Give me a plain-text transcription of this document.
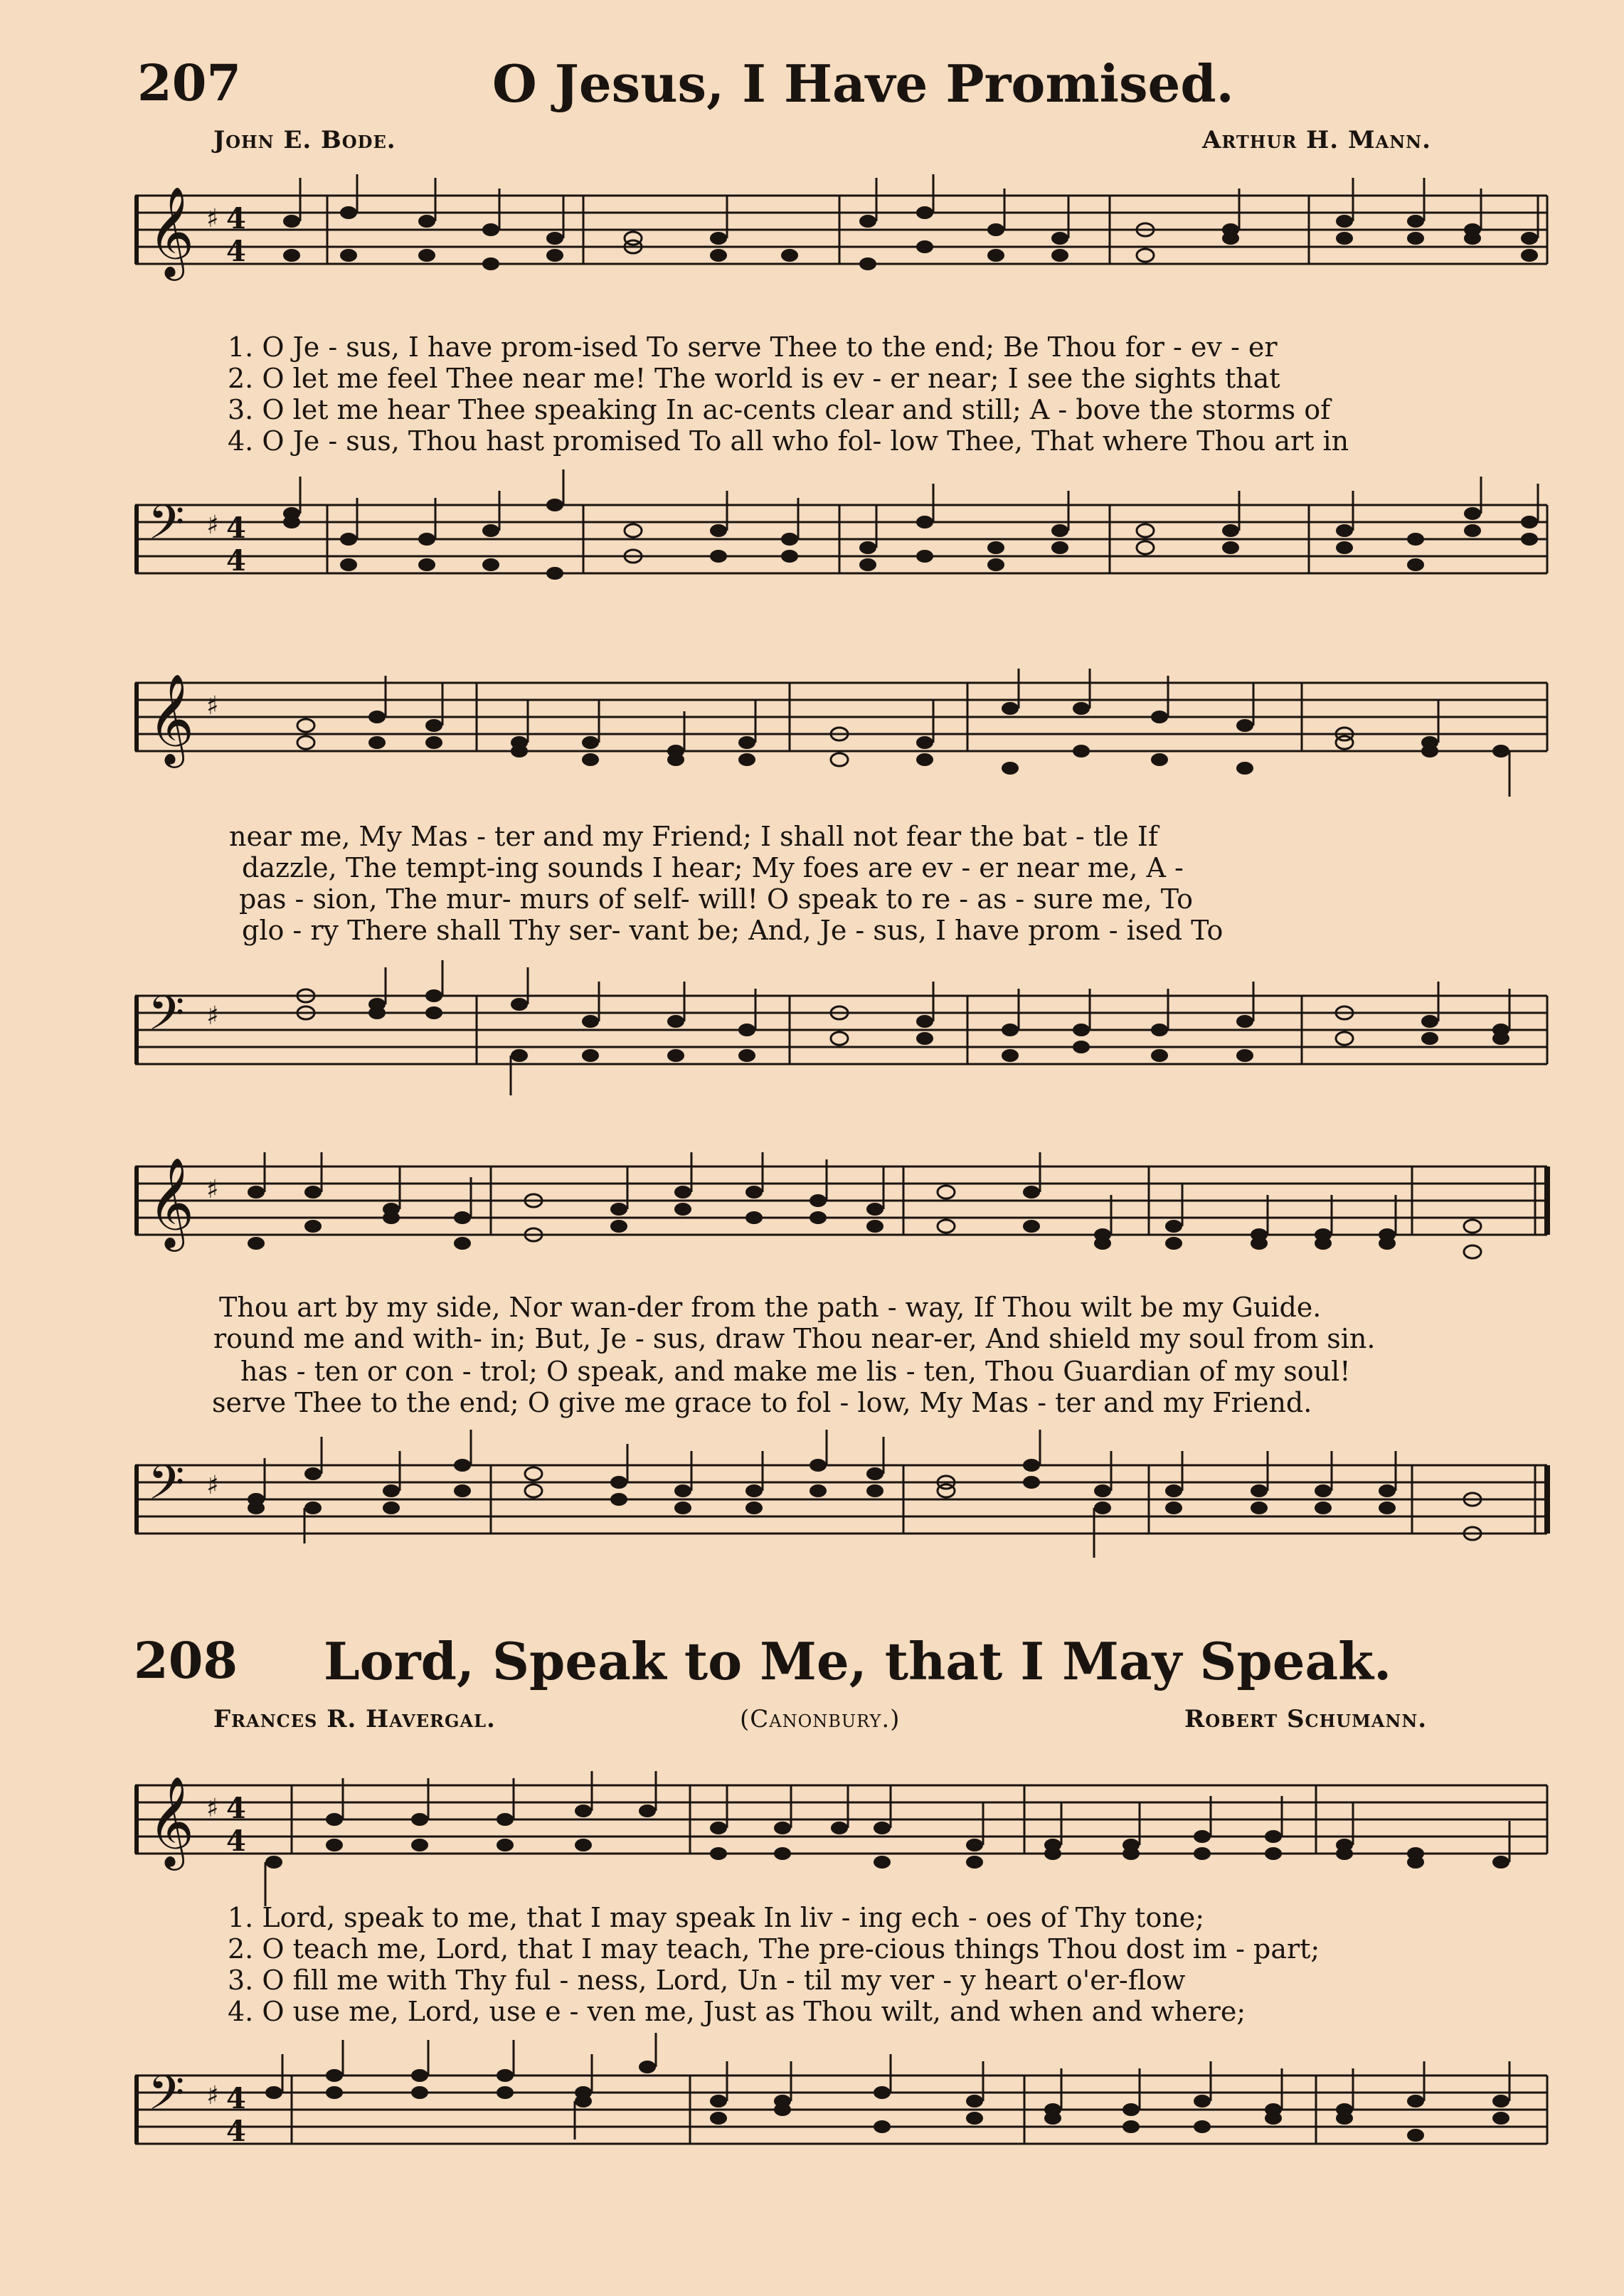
207	O Jesus, I Have Promised.
John E. Bode.	Arthur H. Mann.
𝄞 ♯ 4
4
1. O Je - sus, I have prom-ised To serve Thee to the end; Be Thou for - ev - er
2. O let me feel Thee near me! The world is ev - er near; I see the sights that
3. O let me hear Thee speaking In ac-cents clear and still; A - bove the storms of
4. O Je - sus, Thou hast promised To all who fol- low Thee, That where Thou art in
𝄢 ♯ 4
4
𝄞 ♯
near me, My Mas - ter and my Friend; I shall not fear the bat - tle If
dazzle, The tempt-ing sounds I hear; My foes are ev - er near me, A -
pas - sion, The mur- murs of self- will! O speak to re - as - sure me, To
glo - ry There shall Thy ser- vant be; And, Je - sus, I have prom - ised To
𝄢 ♯
𝄞 ♯
Thou art by my side, Nor wan-der from the path - way, If Thou wilt be my Guide.
round me and with- in; But, Je - sus, draw Thou near-er, And shield my soul from sin.
has - ten or con - trol; O speak, and make me lis - ten, Thou Guardian of my soul!
serve Thee to the end; O give me grace to fol - low, My Mas - ter and my Friend.
𝄢 ♯
208 Lord, Speak to Me, that I May Speak.
Frances R. Havergal.	(Canonbury.)	Robert Schumann.
𝄞 ♯ 4
4
1. Lord, speak to me, that I may speak In liv - ing ech - oes of Thy tone;
2. O teach me, Lord, that I may teach, The pre-cious things Thou dost im - part;
3. O fill me with Thy ful - ness, Lord, Un - til my ver - y heart o'er-flow
4. O use me, Lord, use e - ven me, Just as Thou wilt, and when and where;
𝄢 ♯ 4
4
